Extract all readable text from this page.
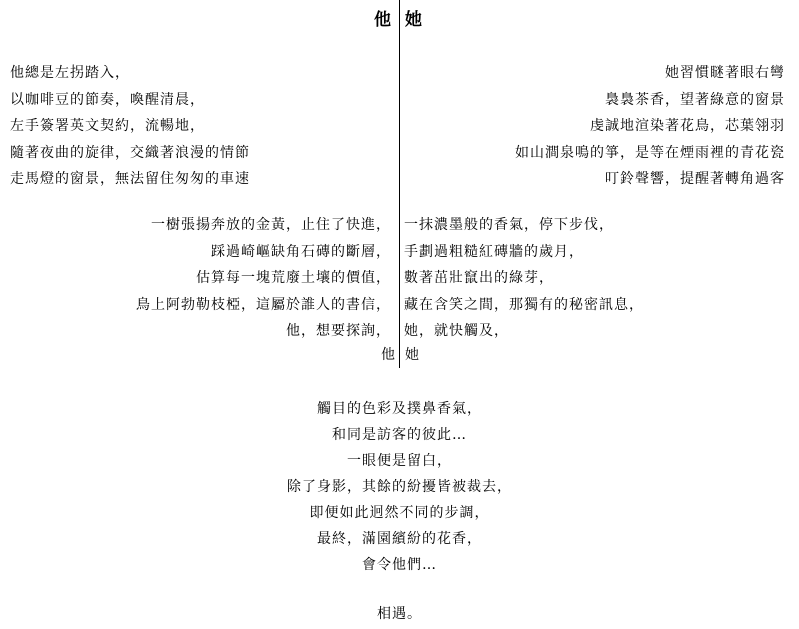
他 她
他總是左拐踏入，
以咖啡豆的節奏，喚醒清晨，
左手簽署英文契約，流暢地，
隨著夜曲的旋律，交織著浪漫的情節
走馬燈的窗景，無法留住匆匆的車速
她習慣瞇著眼右彎
裊裊茶香，望著綠意的窗景
虔誠地渲染著花鳥，芯葉翎羽
如山澗泉鳴的箏，是等在煙雨裡的青花瓷
叮鈴聲響，提醒著轉角過客
一樹張揚奔放的金黃，止住了快進，
踩過崎嶇缺角石磚的斷層，
估算每一塊荒廢土壤的價值，
鳥上阿勃勒枝椏，這屬於誰人的書信，
他，想要探詢，
一抹濃墨般的香氣，停下步伐，
手劃過粗糙紅磚牆的歲月，
數著茁壯竄出的綠芽，
藏在含笑之間，那獨有的秘密訊息，
她，就快觸及，
他 她
觸目的色彩及撲鼻香氣，
和同是訪客的彼此…
一眼便是留白，
除了身影，其餘的紛擾皆被裁去，
即便如此迥然不同的步調，
最終，滿園繽紛的花香，
會令他們…
相遇。
